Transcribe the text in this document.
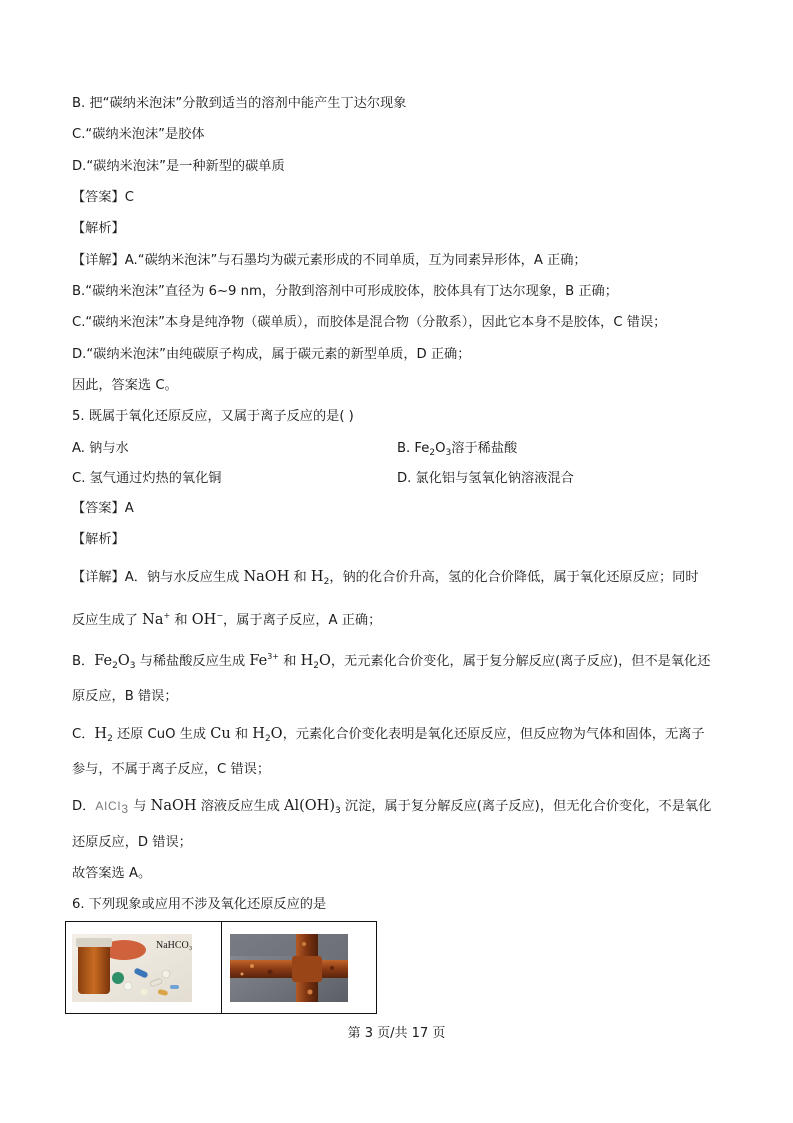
B. 把“碳纳米泡沫”分散到适当的溶剂中能产生丁达尔现象
C.“碳纳米泡沫”是胶体
D.“碳纳米泡沫”是一种新型的碳单质
【答案】C
【解析】
【详解】A.“碳纳米泡沫”与石墨均为碳元素形成的不同单质，互为同素异形体，A 正确；
B.“碳纳米泡沫”直径为 6~9 nm，分散到溶剂中可形成胶体，胶体具有丁达尔现象，B 正确；
C.“碳纳米泡沫”本身是纯净物（碳单质），而胶体是混合物（分散系），因此它本身不是胶体，C 错误；
D.“碳纳米泡沫”由纯碳原子构成，属于碳元素的新型单质，D 正确；
因此，答案选 C。
5. 既属于氧化还原反应，又属于离子反应的是( )
A. 钠与水	B. $Fe_2O_3$溶于稀盐酸
C. 氢气通过灼热的氧化铜	D. 氯化铝与氢氧化钠溶液混合
【答案】A
【解析】
【详解】A．钠与水反应生成 NaOH 和 $H_2$，钠的化合价升高，氢的化合价降低，属于氧化还原反应；同时
反应生成了 Na+ 和 OH−，属于离子反应，A 正确；
B．$Fe_2O_3$ 与稀盐酸反应生成 $Fe^{3+}$ 和 $H_2O$，无元素化合价变化，属于复分解反应(离子反应)，但不是氧化还
原反应，B 错误；
C．$H_2$ 还原 CuO 生成 Cu 和 $H_2O$，元素化合价变化表明是氧化还原反应，但反应物为气体和固体，无离子
参与，不属于离子反应，C 错误；
D．AlCl$_3$ 与 NaOH 溶液反应生成 $Al(OH)_3$ 沉淀，属于复分解反应(离子反应)，但无化合价变化，不是氧化
还原反应，D 错误；
故答案选 A。
6. 下列现象或应用不涉及氧化还原反应的是
NaHCO₃
第 3 页/共 17 页
